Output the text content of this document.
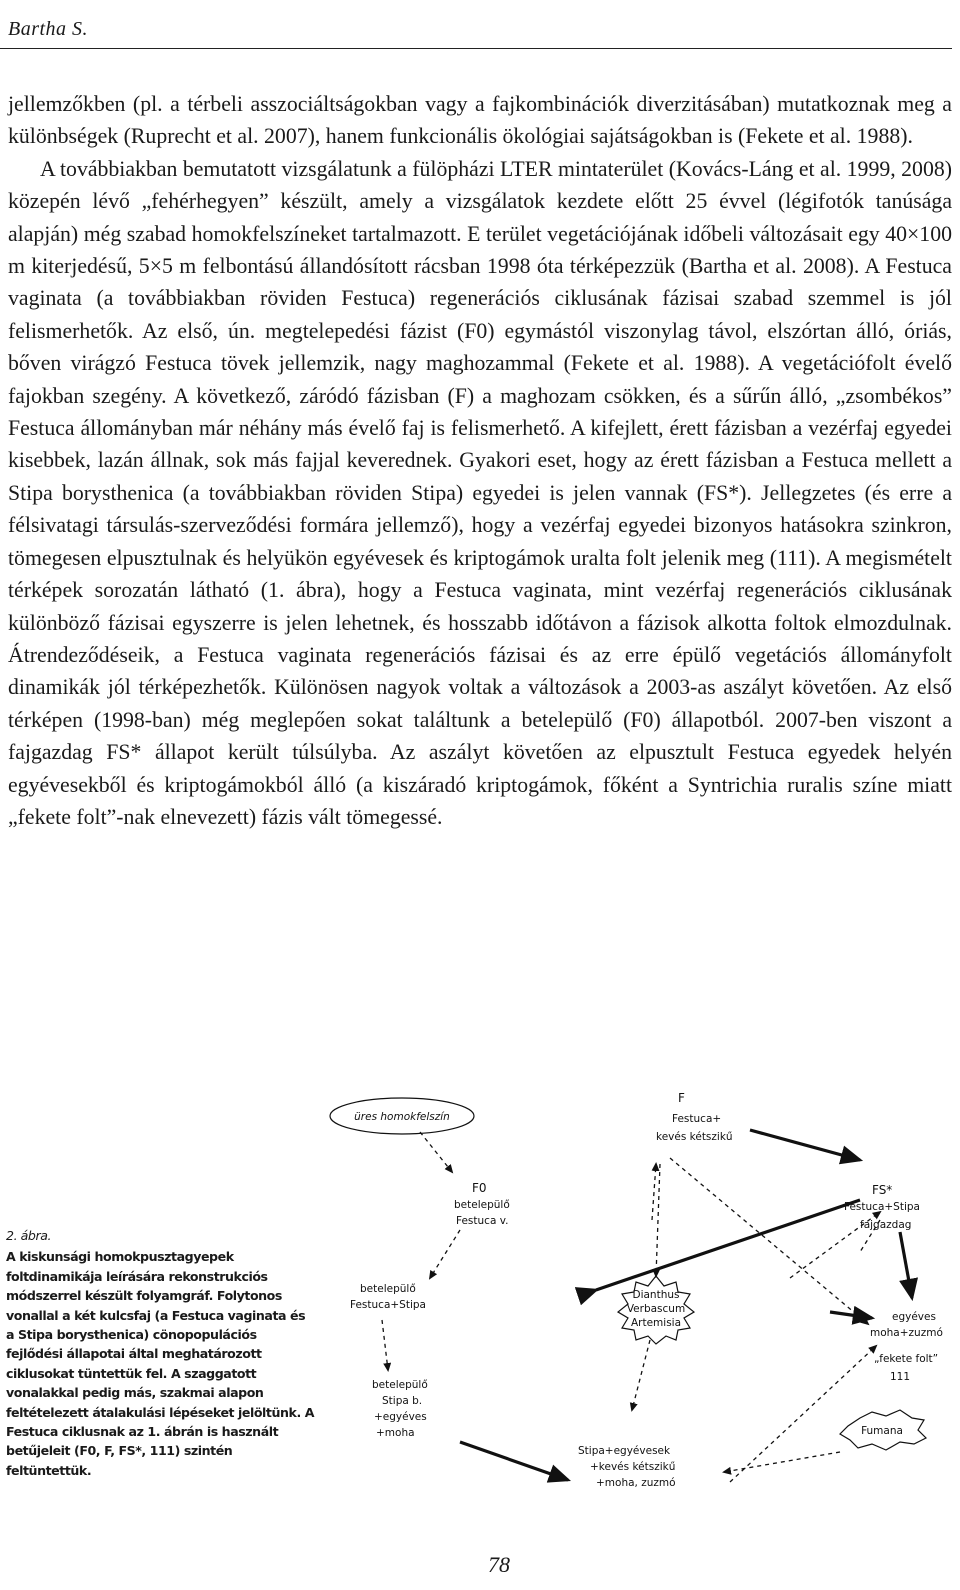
Bartha S.

jellemzőkben (pl. a térbeli asszociáltságokban vagy a fajkombinációk diverzitásában) mutatkoznak meg a különbségek (Ruprecht et al. 2007), hanem funkcionális ökológiai sajátságokban is (Fekete et al. 1988).

A továbbiakban bemutatott vizsgálatunk a fülöpházi LTER mintaterület (Kovács-Láng et al. 1999, 2008) közepén lévő „fehérhegyen” készült, amely a vizsgálatok kezdete előtt 25 évvel (légifotók tanúsága alapján) még szabad homokfelszíneket tartalmazott. E terület vegetációjának időbeli változásait egy 40×100 m kiterjedésű, 5×5 m felbontású állandósított rácsban 1998 óta térképezzük (Bartha et al. 2008). A Festuca vaginata (a továbbiakban röviden Festuca) regenerációs ciklusának fázisai szabad szemmel is jól felismerhetők. Az első, ún. megtelepedési fázist (F0) egymástól viszonylag távol, elszórtan álló, óriás, bőven virágzó Festuca tövek jellemzik, nagy maghozammal (Fekete et al. 1988). A vegetációfolt évelő fajokban szegény. A következő, záródó fázisban (F) a maghozam csökken, és a sűrűn álló, „zsombékos” Festuca állományban már néhány más évelő faj is felismerhető. A kifejlett, érett fázisban a vezérfaj egyedei kisebbek, lazán állnak, sok más fajjal keverednek. Gyakori eset, hogy az érett fázisban a Festuca mellett a Stipa borysthenica (a továbbiakban röviden Stipa) egyedei is jelen vannak (FS*). Jellegzetes (és erre a félsivatagi társulás-szerveződési formára jellemző), hogy a vezérfaj egyedei bizonyos hatásokra szinkron, tömegesen elpusztulnak és helyükön egyévesek és kriptogámok uralta folt jelenik meg (111). A megismételt térképek sorozatán látható (1. ábra), hogy a Festuca vaginata, mint vezérfaj regenerációs ciklusának különböző fázisai egyszerre is jelen lehetnek, és hosszabb időtávon a fázisok alkotta foltok elmozdulnak. Átrendeződéseik, a Festuca vaginata regenerációs fázisai és az erre épülő vegetációs állományfolt dinamikák jól térképezhetők. Különösen nagyok voltak a változások a 2003-as aszályt követően. Az első térképen (1998-ban) még meglepően sokat találtunk a betelepülő (F0) állapotból. 2007-ben viszont a fajgazdag FS* állapot került túlsúlyba. Az aszályt követően az elpusztult Festuca egyedek helyén egyévesekből és kriptogámokból álló (a kiszáradó kriptogámok, főként a Syntrichia ruralis színe miatt „fekete folt”-nak elnevezett) fázis vált tömegessé.

2. ábra.
A kiskunsági homokpusztagyepek foltdinamikája leírására rekonstrukciós módszerrel készült folyamgráf. Folytonos vonallal a két kulcsfaj (a Festuca vaginata és a Stipa borysthenica) cönopopulációs fejlődési állapotai által meghatározott ciklusokat tüntettük fel. A szaggatott vonalakkal pedig más, szakmai alapon feltételezett átalakulási lépéseket jelöltünk. A Festuca ciklusnak az 1. ábrán is használt betűjeleit (F0, F, FS*, 111) szintén feltüntettük.
üres homokfelszín
F0
betelepülő
Festuca v.
F
Festuca+
kevés kétszikű
FS*
Festuca+Stipa
fajgazdag
betelepülő
Festuca+Stipa
betelepülő
Stipa b.
+egyéves
+moha
Dianthus
Verbascum
Artemisia	egyéves
moha+zuzmó
„fekete folt”
111
Fumana
Stipa+egyévesek
+kevés kétszikű
+moha, zuzmó
78
